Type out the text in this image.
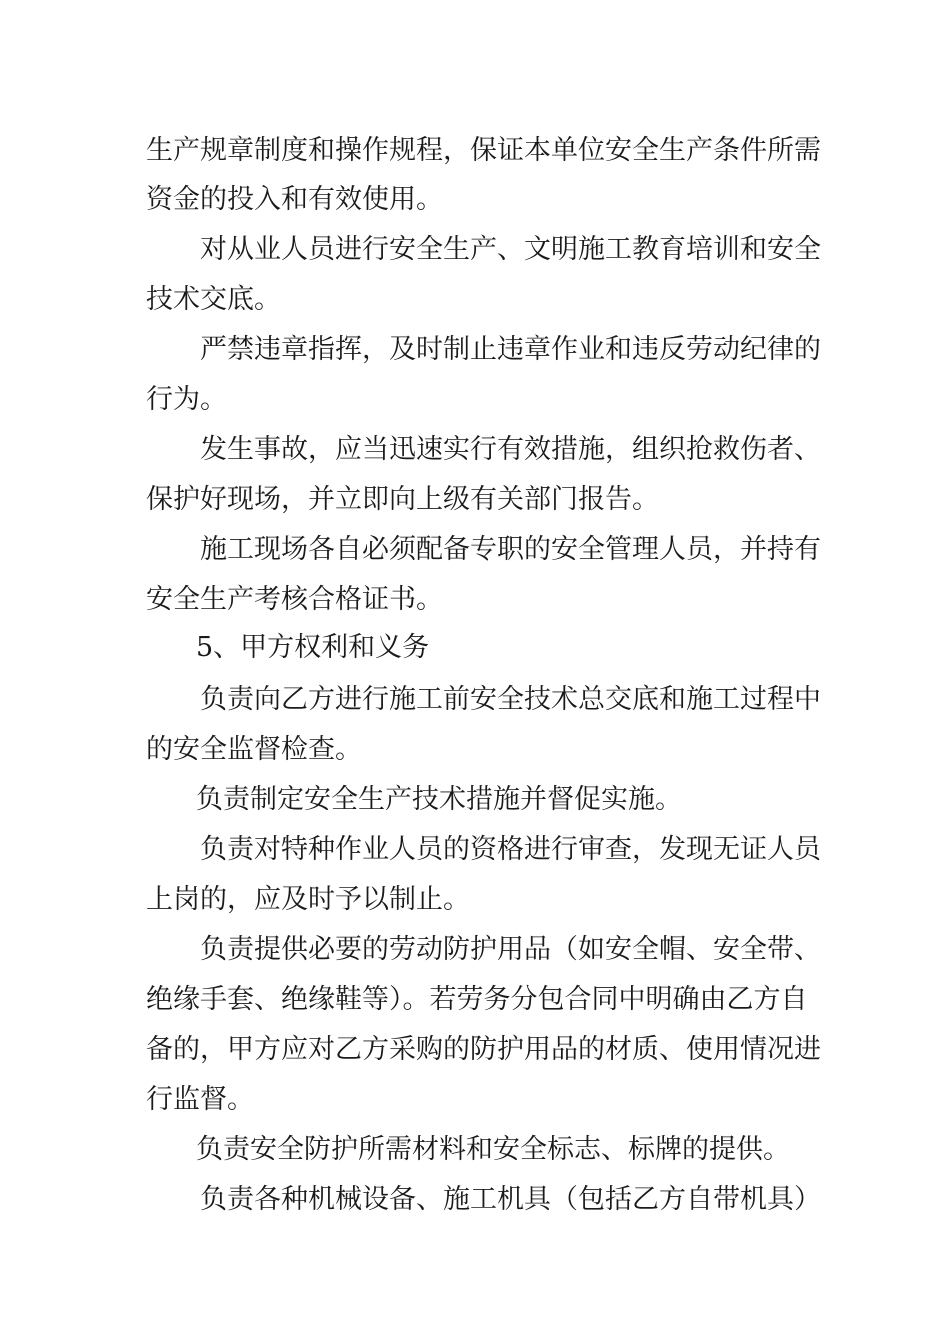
生产规章制度和操作规程，保证本单位安全生产条件所需
资金的投入和有效使用。
对从业人员进行安全生产、文明施工教育培训和安全
技术交底。
严禁违章指挥，及时制止违章作业和违反劳动纪律的
行为。
发生事故，应当迅速实行有效措施，组织抢救伤者、
保护好现场，并立即向上级有关部门报告。
施工现场各自必须配备专职的安全管理人员，并持有
安全生产考核合格证书。
5、甲方权利和义务
负责向乙方进行施工前安全技术总交底和施工过程中
的安全监督检查。
负责制定安全生产技术措施并督促实施。
负责对特种作业人员的资格进行审查，发现无证人员
上岗的，应及时予以制止。
负责提供必要的劳动防护用品（如安全帽、安全带、
绝缘手套、绝缘鞋等）。若劳务分包合同中明确由乙方自
备的，甲方应对乙方采购的防护用品的材质、使用情况进
行监督。
负责安全防护所需材料和安全标志、标牌的提供。
负责各种机械设备、施工机具（包括乙方自带机具）
